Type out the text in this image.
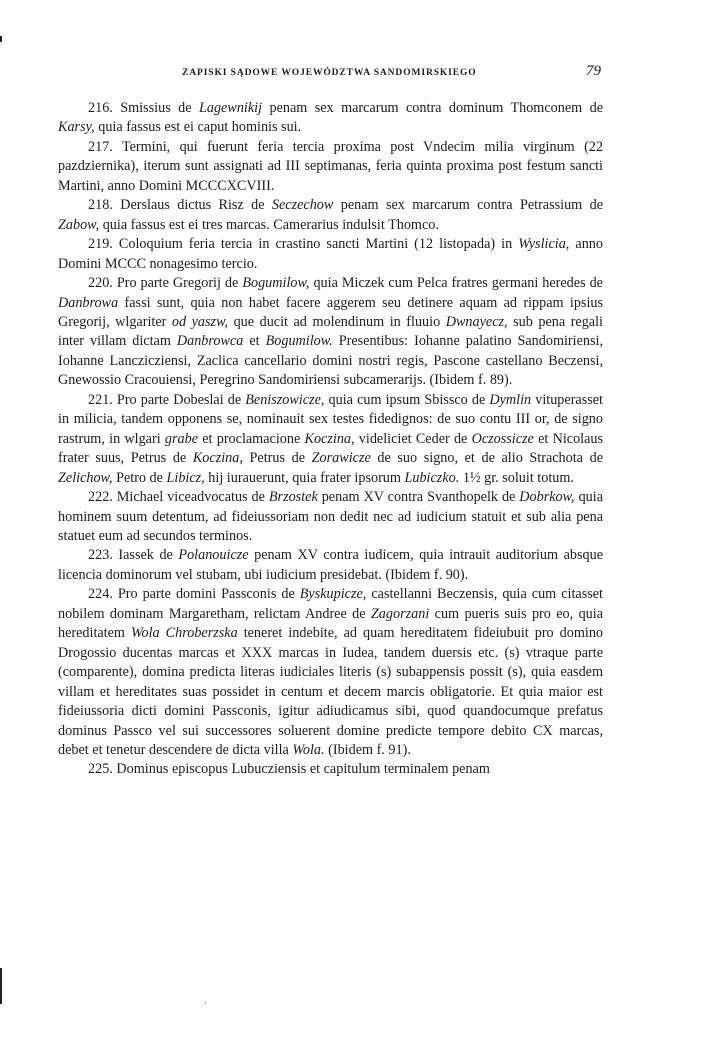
ZAPISKI SĄDOWE WOJEWÓDZTWA SANDOMIRSKIEGO	79

216. Smissius de Lagewnikij penam sex marcarum contra dominum Thomconem de Karsy, quia fassus est ei caput hominis sui.

217. Termini, qui fuerunt feria tercia proxima post Vndecim milia virginum (22 pazdziernika), iterum sunt assignati ad III septimanas, feria quinta proxima post festum sancti Martini, anno Domini MCCCXCVIII.

218. Derslaus dictus Risz de Seczechow penam sex marcarum contra Petrassium de Zabow, quia fassus est ei tres marcas. Camerarius indulsit Thomco.

219. Coloquium feria tercia in crastino sancti Martini (12 listopada) in Wyslicia, anno Domini MCCC nonagesimo tercio.

220. Pro parte Gregorij de Bogumilow, quia Miczek cum Pelca fratres germani heredes de Danbrowa fassi sunt, quia non habet facere aggerem seu detinere aquam ad rippam ipsius Gregorij, wlgariter od yaszw, que ducit ad molendinum in fluuio Dwnayecz, sub pena regali inter villam dictam Danbrowca et Bogumilow. Presentibus: Iohanne palatino Sandomiriensi, Iohanne Lanczicziensi, Zaclica cancellario domini nostri regis, Pascone castellano Beczensi, Gnewossio Cracouiensi, Peregrino Sandomiriensi subcamerarijs. (Ibidem f. 89).

221. Pro parte Dobeslai de Beniszowicze, quia cum ipsum Sbissco de Dymlin vituperasset in milicia, tandem opponens se, nominauit sex testes fidedignos: de suo contu III or, de signo rastrum, in wlgari grabe et proclamacione Koczina, videliciet Ceder de Oczossicze et Nicolaus frater suus, Petrus de Koczina, Petrus de Zorawicze de suo signo, et de alio Strachota de Zelichow, Petro de Libicz, hij iurauerunt, quia frater ipsorum Lubiczko. 1½ gr. soluit totum.

222. Michael viceadvocatus de Brzostek penam XV contra Svanthopelk de Dobrkow, quia hominem suum detentum, ad fideiussoriam non dedit nec ad iudicium statuit et sub alia pena statuet eum ad secundos terminos.

223. Iassek de Polanouicze penam XV contra iudicem, quia intrauit auditorium absque licencia dominorum vel stubam, ubi iudicium presidebat. (Ibidem f. 90).

224. Pro parte domini Passconis de Byskupicze, castellanni Beczensis, quia cum citasset nobilem dominam Margaretham, relictam Andree de Zagorzani cum pueris suis pro eo, quia hereditatem Wola Chroberzska teneret indebite, ad quam hereditatem fideiubuit pro domino Drogossio ducentas marcas et XXX marcas in Iudea, tandem duersis etc. (s) vtraque parte (comparente), domina predicta literas iudiciales literis (s) subappensis possit (s), quia easdem villam et hereditates suas possidet in centum et decem marcis obligatorie. Et quia maior est fideiussoria dicti domini Passconis, igitur adiudicamus sibi, quod quandocumque prefatus dominus Passco vel sui successores soluerent domine predicte tempore debito CX marcas, debet et tenetur descendere de dicta villa Wola. (Ibidem f. 91).

225. Dominus episcopus Lubucziensis et capitulum terminalem penam

,
